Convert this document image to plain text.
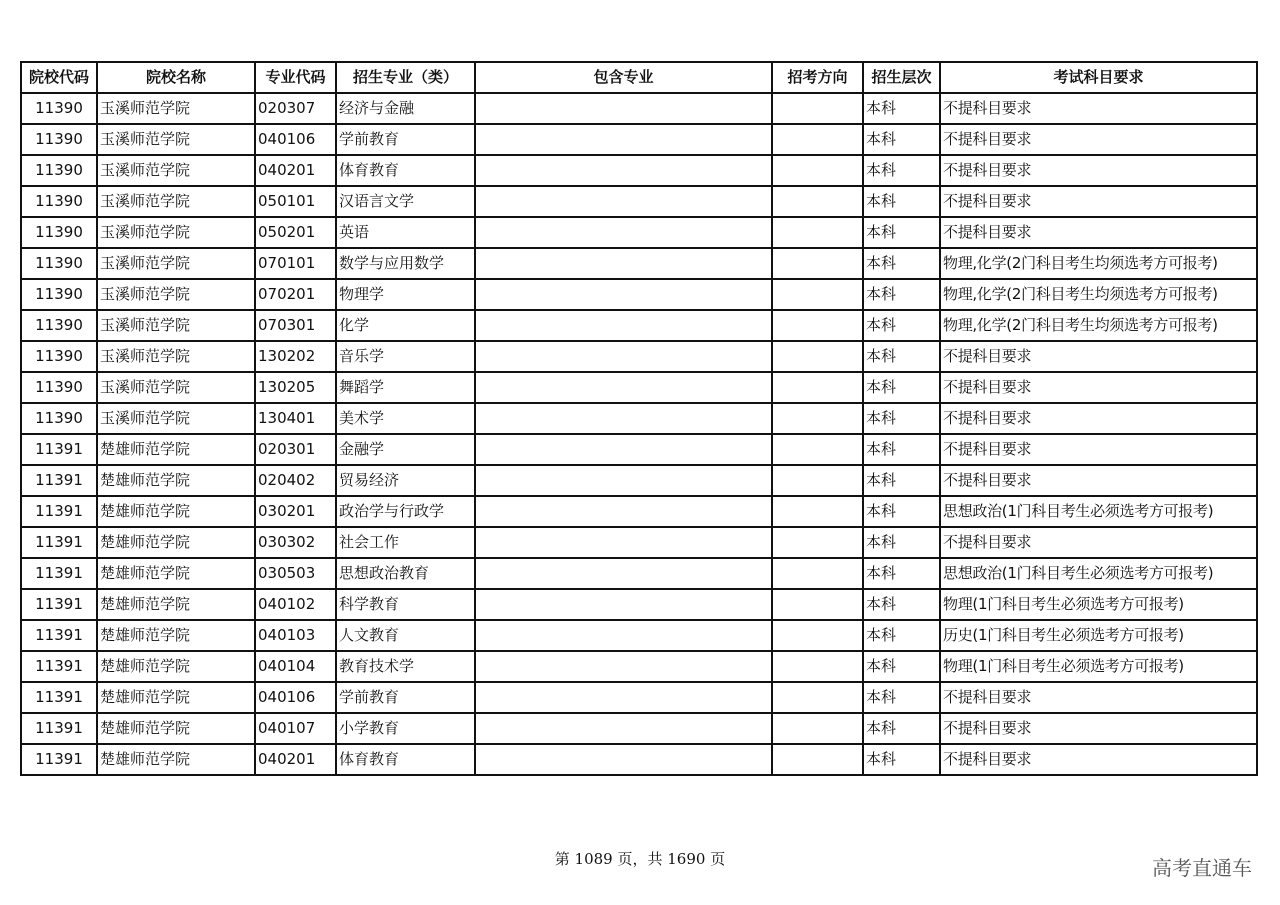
院校代码	院校名称	专业代码	招生专业（类）	包含专业	招考方向	招生层次	考试科目要求
11390	玉溪师范学院	020307	经济与金融			本科	不提科目要求
11390	玉溪师范学院	040106	学前教育			本科	不提科目要求
11390	玉溪师范学院	040201	体育教育			本科	不提科目要求
11390	玉溪师范学院	050101	汉语言文学			本科	不提科目要求
11390	玉溪师范学院	050201	英语			本科	不提科目要求
11390	玉溪师范学院	070101	数学与应用数学			本科	物理,化学(2门科目考生均须选考方可报考)
11390	玉溪师范学院	070201	物理学			本科	物理,化学(2门科目考生均须选考方可报考)
11390	玉溪师范学院	070301	化学			本科	物理,化学(2门科目考生均须选考方可报考)
11390	玉溪师范学院	130202	音乐学			本科	不提科目要求
11390	玉溪师范学院	130205	舞蹈学			本科	不提科目要求
11390	玉溪师范学院	130401	美术学			本科	不提科目要求
11391	楚雄师范学院	020301	金融学			本科	不提科目要求
11391	楚雄师范学院	020402	贸易经济			本科	不提科目要求
11391	楚雄师范学院	030201	政治学与行政学			本科	思想政治(1门科目考生必须选考方可报考)
11391	楚雄师范学院	030302	社会工作			本科	不提科目要求
11391	楚雄师范学院	030503	思想政治教育			本科	思想政治(1门科目考生必须选考方可报考)
11391	楚雄师范学院	040102	科学教育			本科	物理(1门科目考生必须选考方可报考)
11391	楚雄师范学院	040103	人文教育			本科	历史(1门科目考生必须选考方可报考)
11391	楚雄师范学院	040104	教育技术学			本科	物理(1门科目考生必须选考方可报考)
11391	楚雄师范学院	040106	学前教育			本科	不提科目要求
11391	楚雄师范学院	040107	小学教育			本科	不提科目要求
11391	楚雄师范学院	040201	体育教育			本科	不提科目要求
第 1089 页，共 1690 页	高考直通车
